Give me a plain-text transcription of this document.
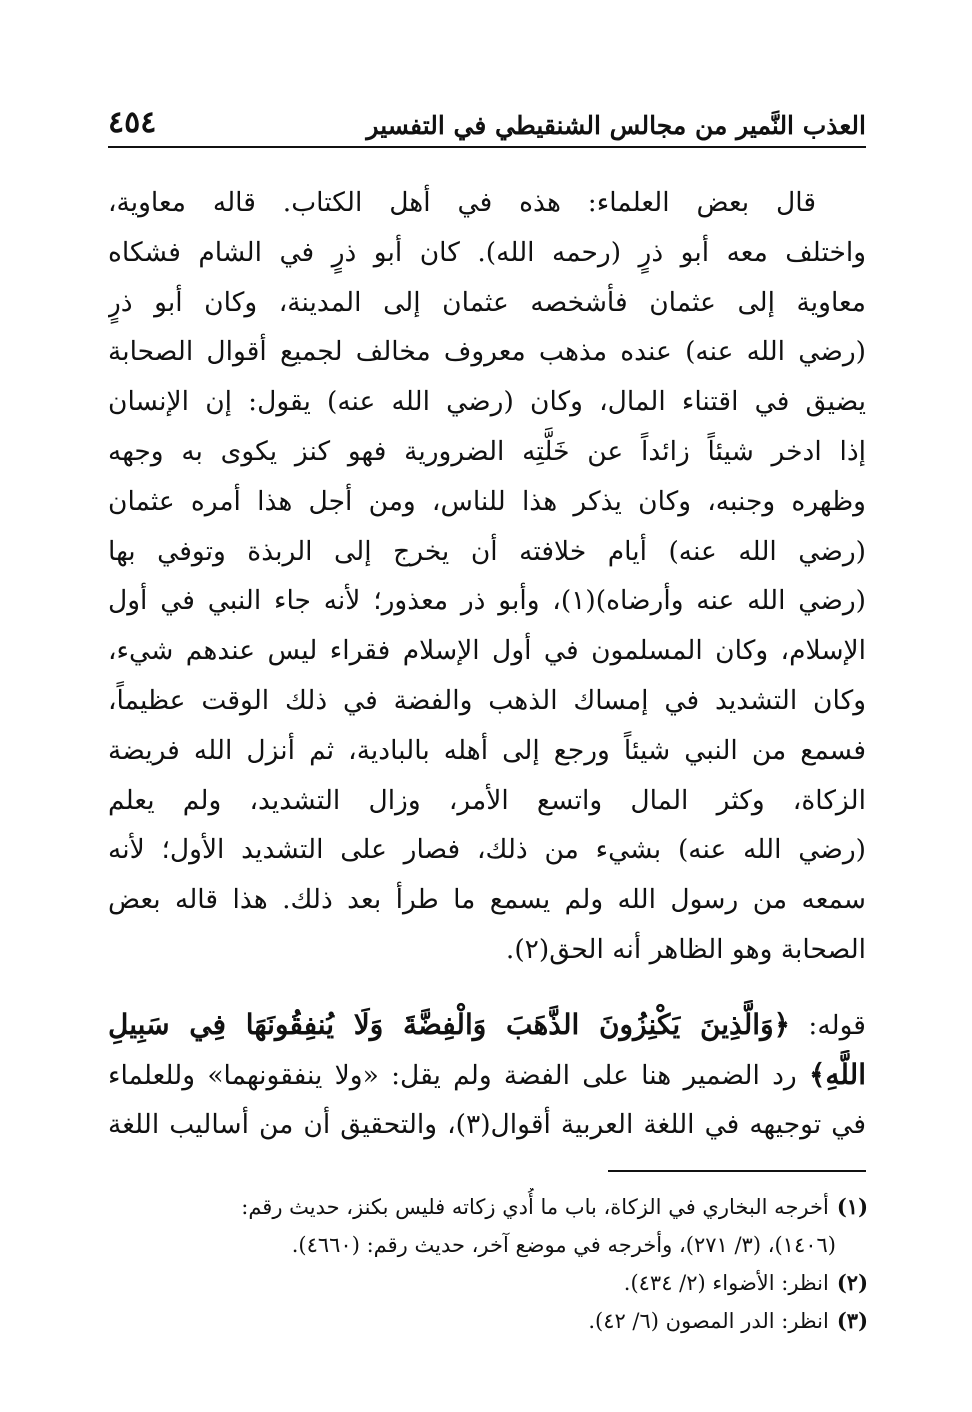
العذب النَّمير من مجالس الشنقيطي في التفسير
٤٥٤
قال بعض العلماء: هذه في أهل الكتاب. قاله معاوية،
واختلف معه أبو ذرٍ (رحمه الله). كان أبو ذرٍ في الشام فشكاه
معاوية إلى عثمان فأشخصه عثمان إلى المدينة، وكان أبو ذرٍ
(رضي الله عنه) عنده مذهب معروف مخالف لجميع أقوال الصحابة
يضيق في اقتناء المال، وكان (رضي الله عنه) يقول: إن الإنسان
إذا ادخر شيئاً زائداً عن خَلَّتِه الضرورية فهو كنز يكوى به وجهه
وظهره وجنبه، وكان يذكر هذا للناس، ومن أجل هذا أمره عثمان
(رضي الله عنه) أيام خلافته أن يخرج إلى الربذة وتوفي بها
(رضي الله عنه وأرضاه)(١)، وأبو ذر معذور؛ لأنه جاء النبي في أول
الإسلام، وكان المسلمون في أول الإسلام فقراء ليس عندهم شيء،
وكان التشديد في إمساك الذهب والفضة في ذلك الوقت عظيماً،
فسمع من النبي شيئاً ورجع إلى أهله بالبادية، ثم أنزل الله فريضة
الزكاة، وكثر المال واتسع الأمر، وزال التشديد، ولم يعلم
(رضي الله عنه) بشيء من ذلك، فصار على التشديد الأول؛ لأنه
سمعه من رسول الله ولم يسمع ما طرأ بعد ذلك. هذا قاله بعض
الصحابة وهو الظاهر أنه الحق(٢).
قوله: ﴿وَالَّذِينَ يَكْنِزُونَ الذَّهَبَ وَالْفِضَّةَ وَلَا يُنفِقُونَهَا فِي سَبِيلِ
اللَّهِ﴾ رد الضمير هنا على الفضة ولم يقل: «ولا ينفقونهما» وللعلماء
في توجيهه في اللغة العربية أقوال(٣)، والتحقيق أن من أساليب اللغة
(١)أخرجه البخاري في الزكاة، باب ما أُدي زكاته فليس بكنز، حديث رقم:
(١٤٠٦)، (٣/ ٢٧١)، وأخرجه في موضع آخر، حديث رقم: (٤٦٦٠).
(٢)انظر: الأضواء (٢/ ٤٣٤).
(٣)انظر: الدر المصون (٦/ ٤٢).
